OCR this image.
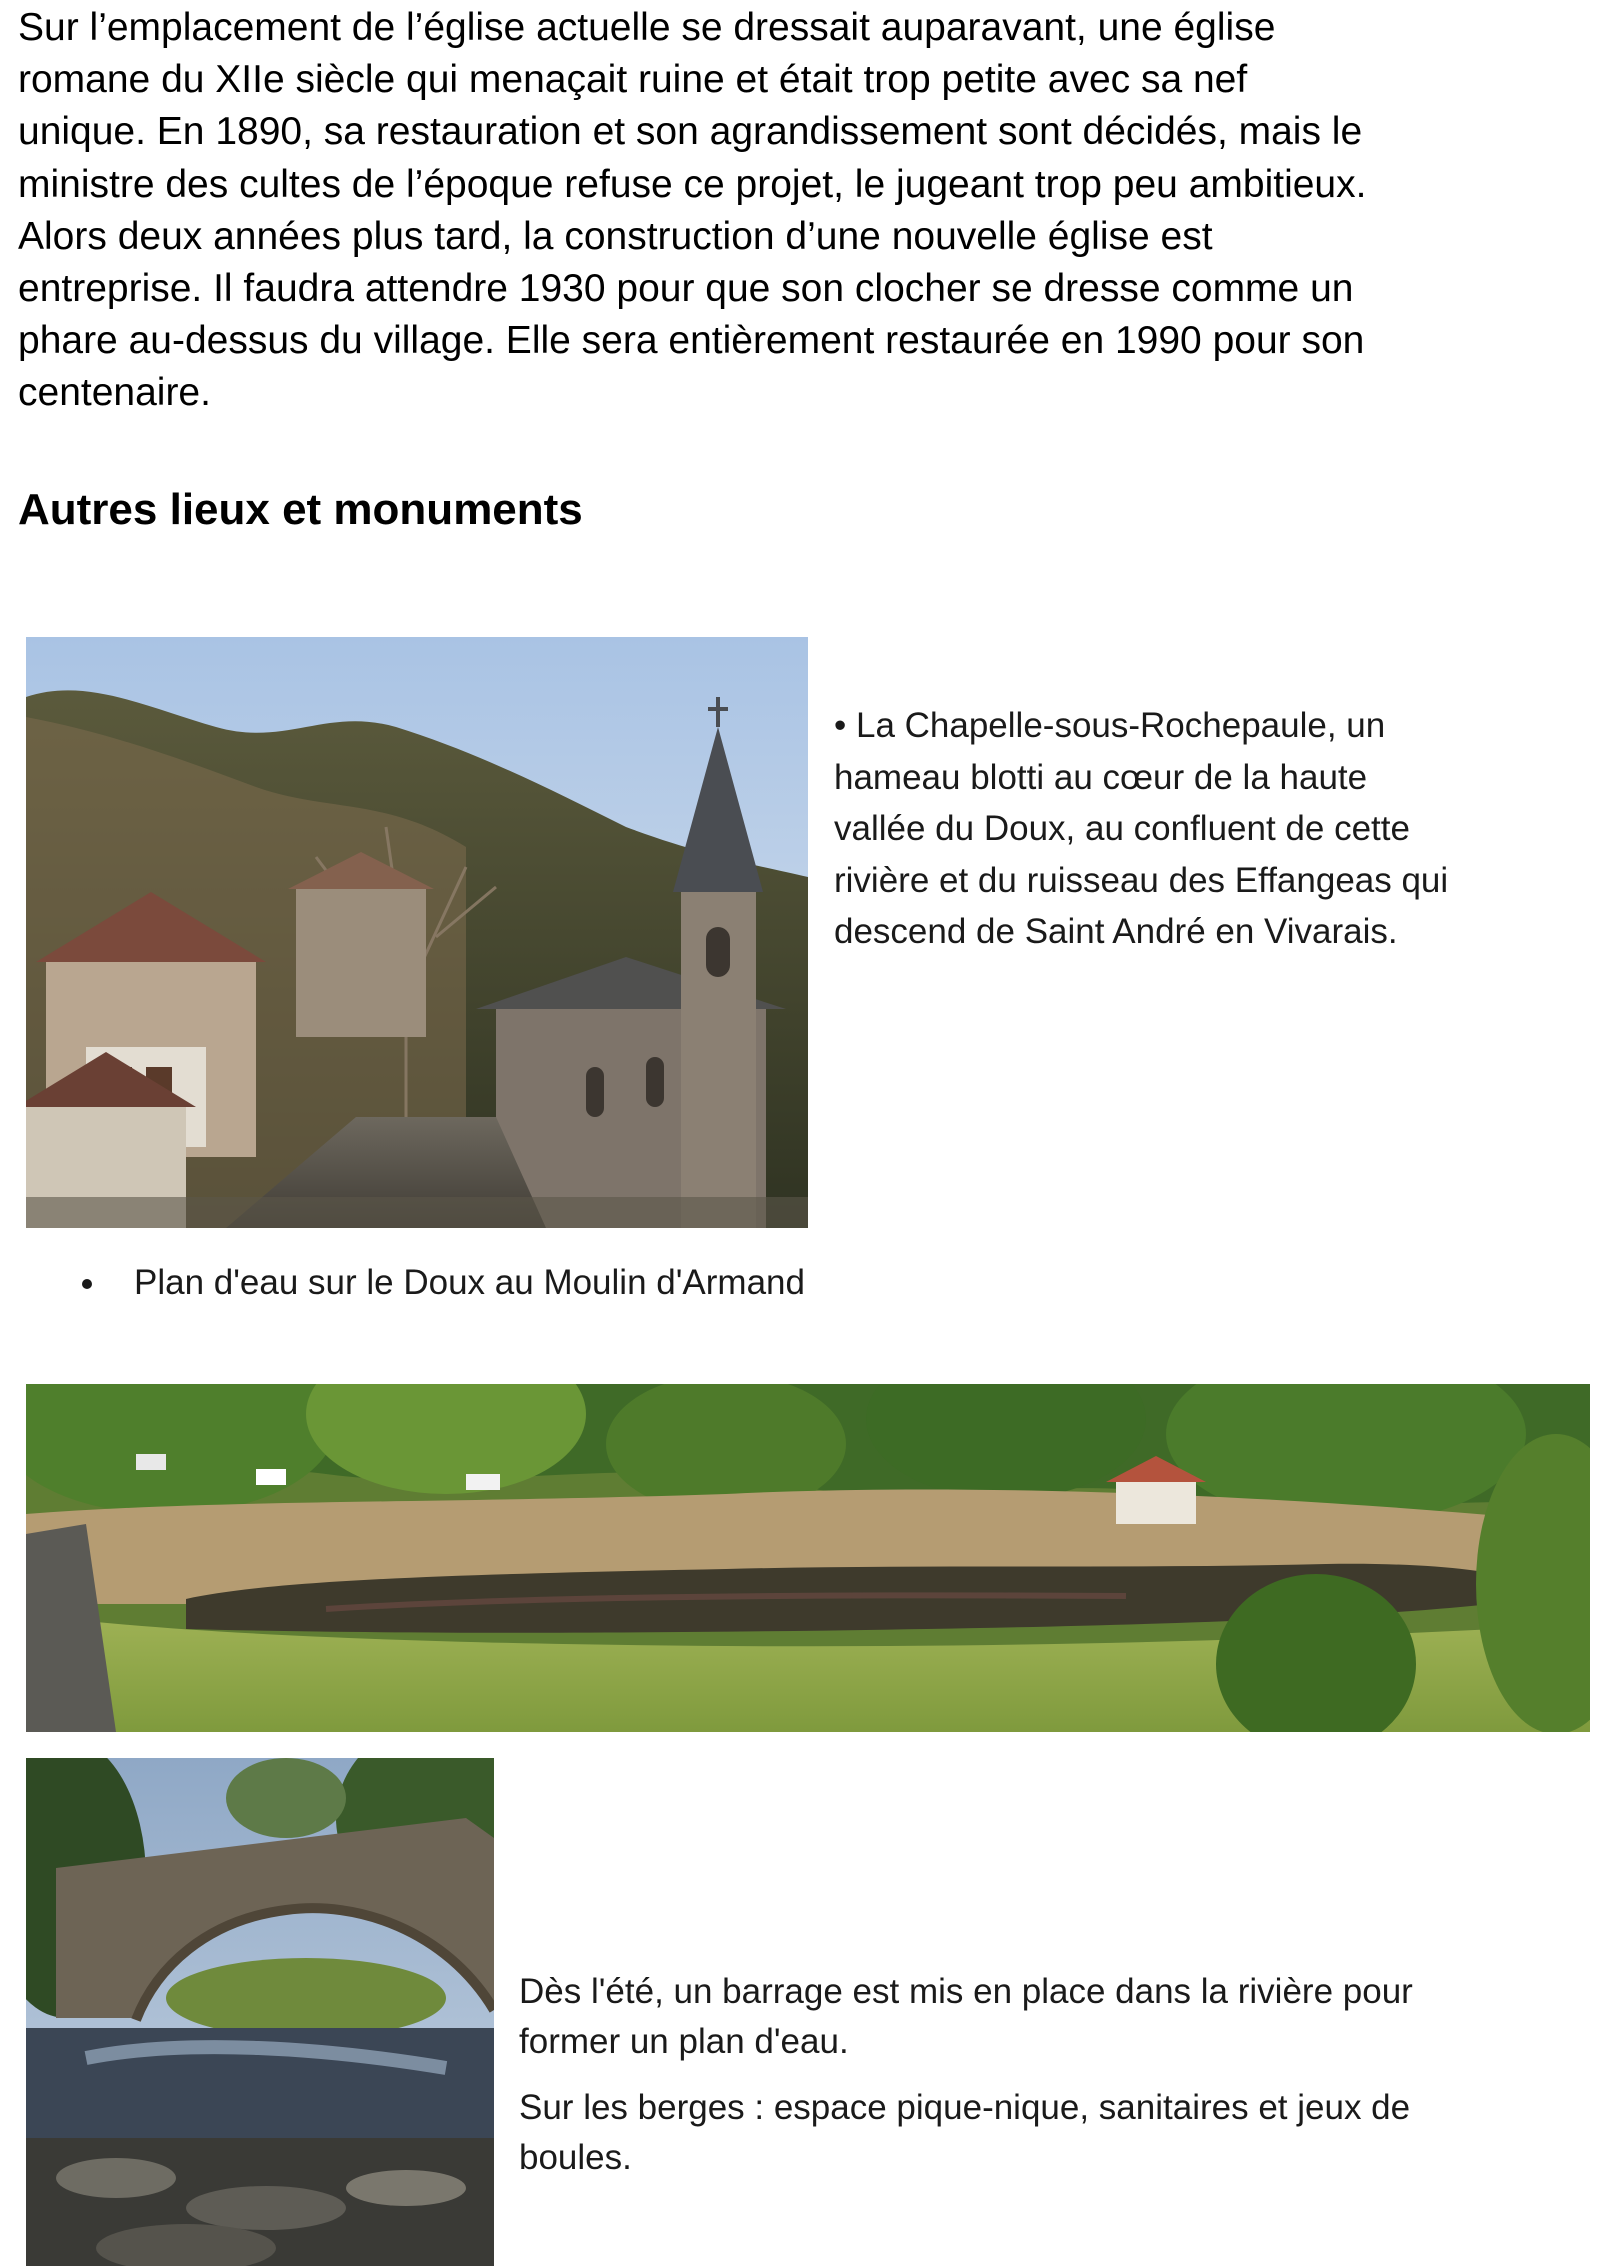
Sur l’emplacement de l’église actuelle se dressait auparavant, une église
romane du XIIe siècle qui menaçait ruine et était trop petite avec sa nef
unique. En 1890, sa restauration et son agrandissement sont décidés, mais le
ministre des cultes de l’époque refuse ce projet, le jugeant trop peu ambitieux.
Alors deux années plus tard, la construction d’une nouvelle église est
entreprise. Il faudra attendre 1930 pour que son clocher se dresse comme un
phare au-dessus du village. Elle sera entièrement restaurée en 1990 pour son
centenaire.
Autres lieux et monuments
• La Chapelle-sous-Rochepaule, un
hameau blotti au cœur de la haute
vallée du Doux, au confluent de cette
rivière et du ruisseau des Effangeas qui
descend de Saint André en Vivarais.
Plan d'eau sur le Doux au Moulin d'Armand

Dès l'été, un barrage est mis en place dans la rivière pour
former un plan d'eau.

Sur les berges : espace pique-nique, sanitaires et jeux de
boules.
